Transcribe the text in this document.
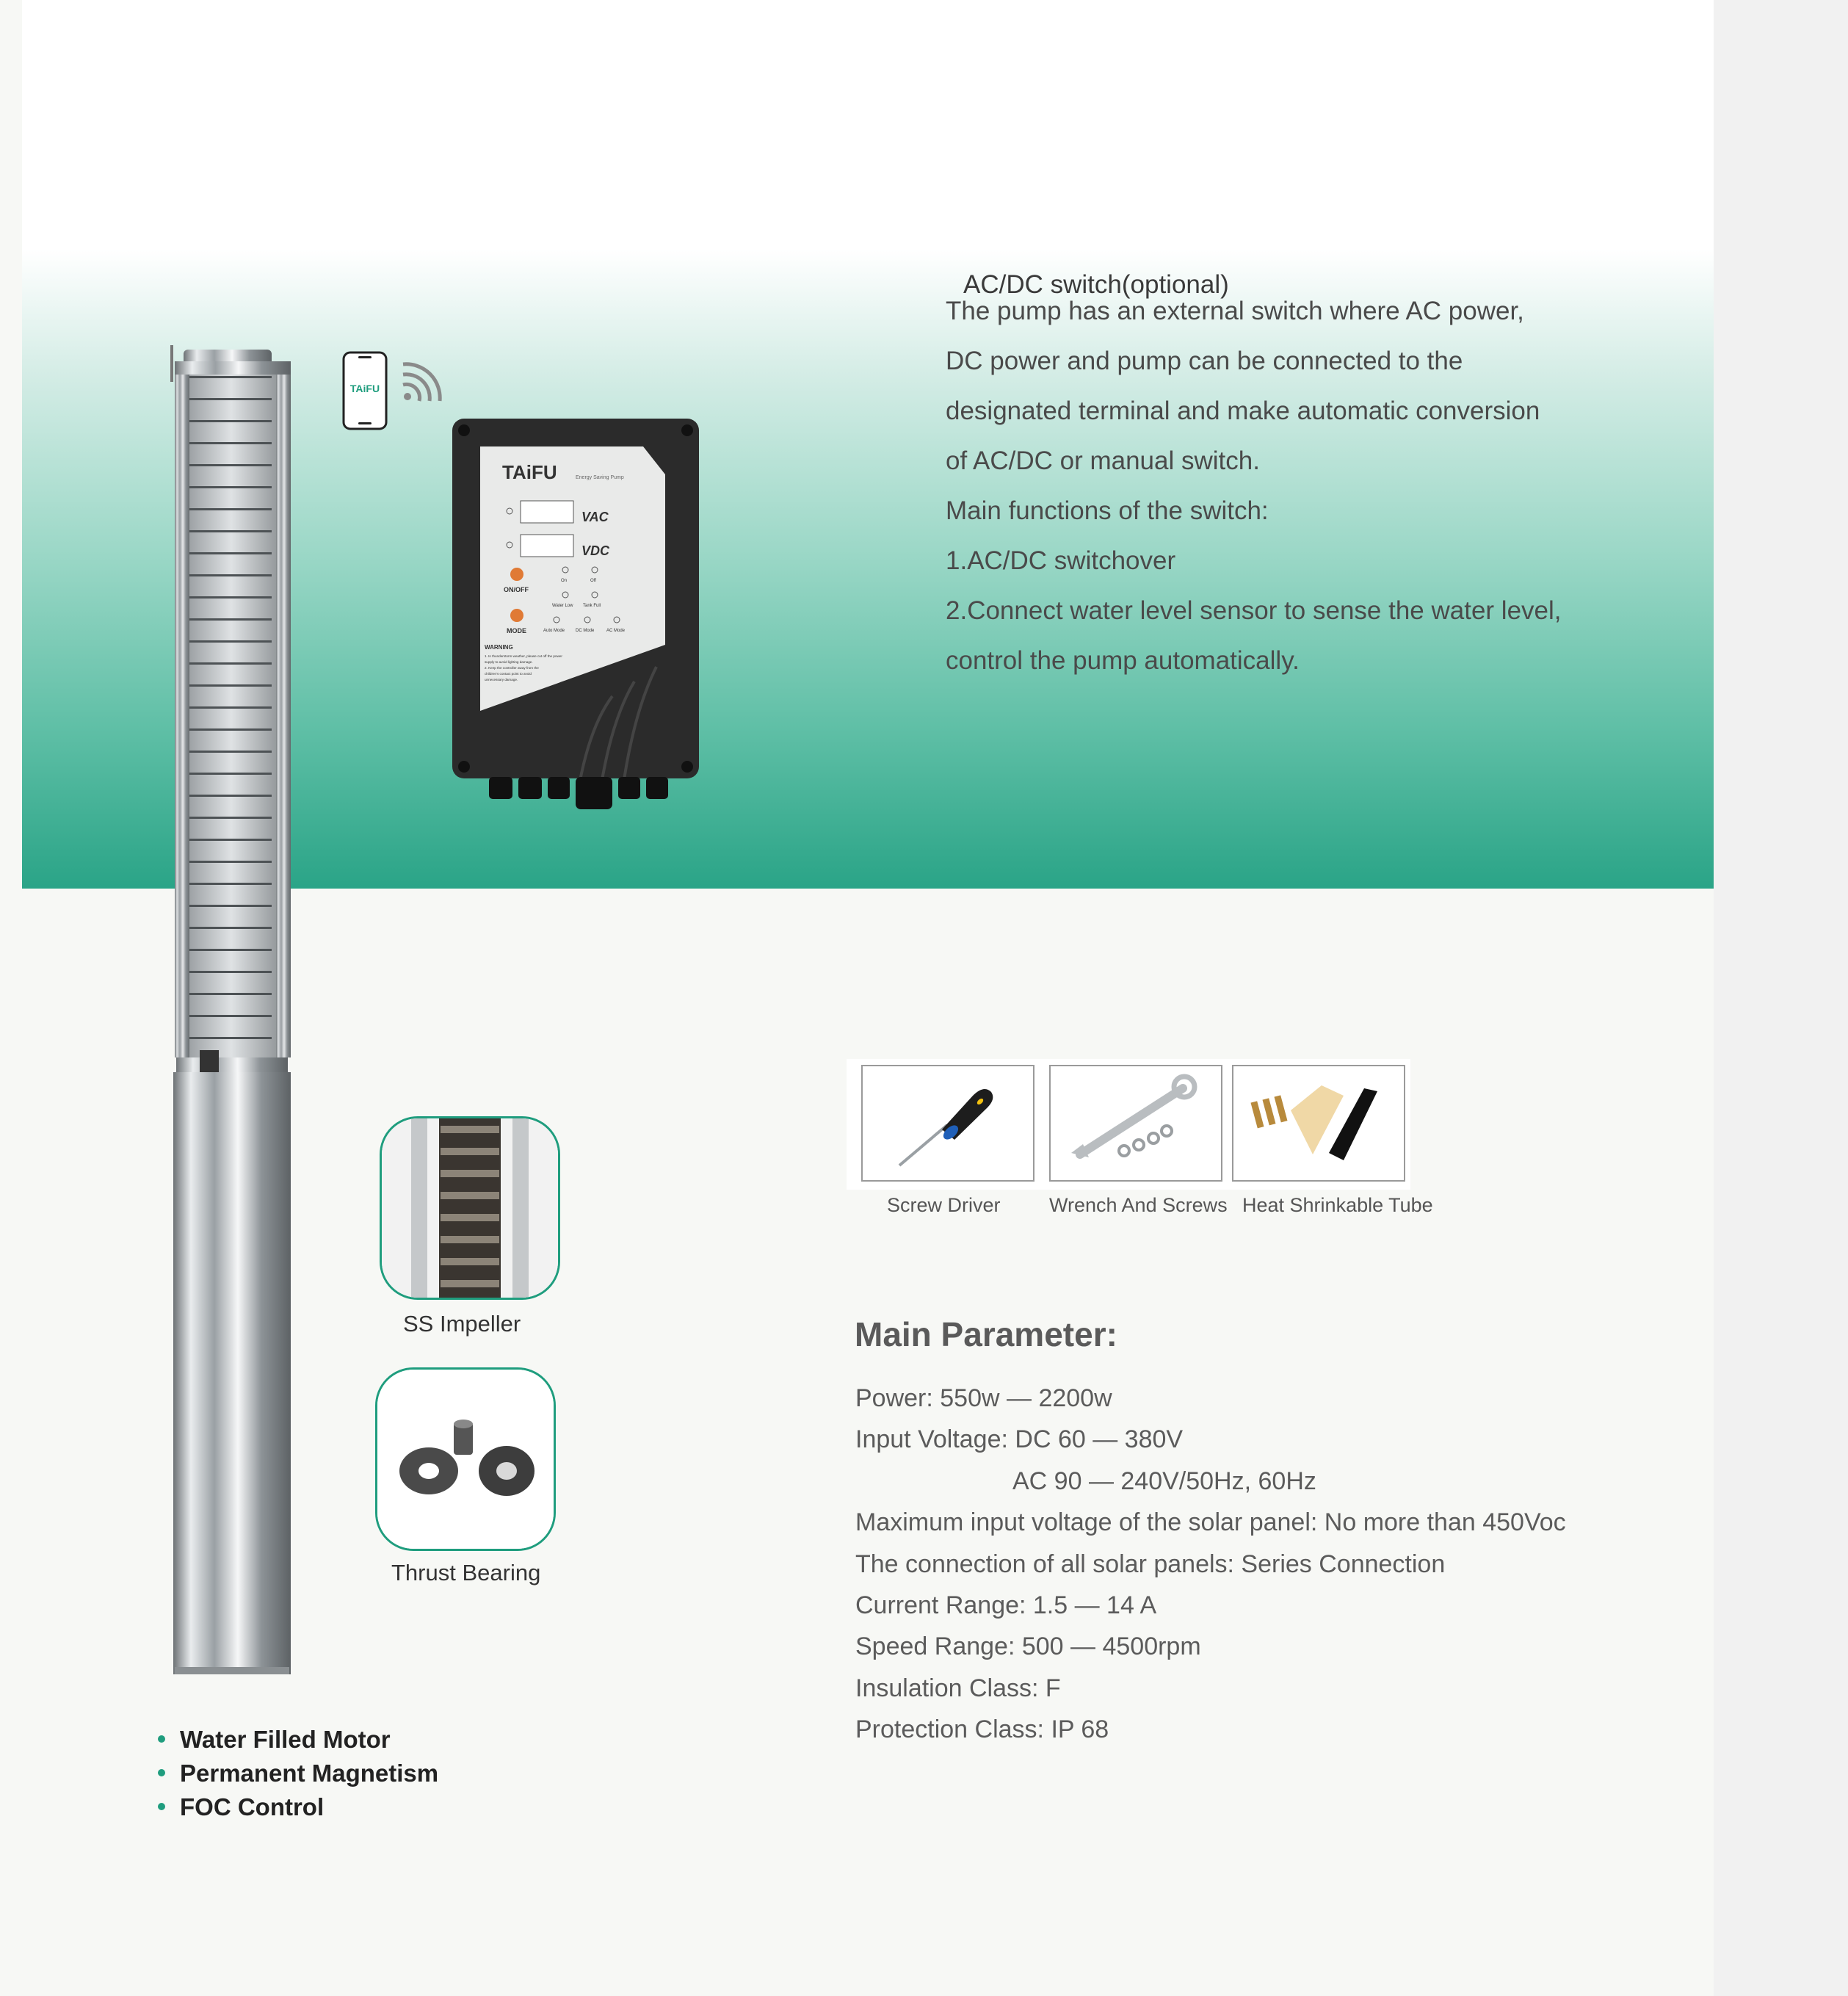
AC/DC switch(optional)
The pump has an external switch where AC power,
DC power and pump can be connected to the
designated terminal and make automatic conversion
of AC/DC or manual switch.
Main functions of the switch:
1.AC/DC switchover
2.Connect water level sensor to sense the water level,
control the pump automatically.
TAiFU
TAiFU	Energy Saving Pump
VAC
VDC
ON/OFF
On	Off
Water Low Tank Full
MODE	Auto Mode DC Mode	AC Mode
WARNING
1. In thunderstorm weather, please cut off the power
supply to avoid lighting damage.
2. Keep the controller away from the
children's contact point to avoid
unnecessary damage.
Screw Driver Wrench And Screws Heat Shrinkable Tube
SS Impeller
Thrust Bearing
Main Parameter:
Power: 550w — 2200w
Input Voltage: DC 60 — 380V
AC 90 — 240V/50Hz, 60Hz
Maximum input voltage of the solar panel: No more than 450Voc
The connection of all solar panels: Series Connection
Current Range: 1.5 — 14 A
Speed Range: 500 — 4500rpm
Insulation Class: F
Protection Class: IP 68
Water Filled Motor
Permanent Magnetism
FOC Control
